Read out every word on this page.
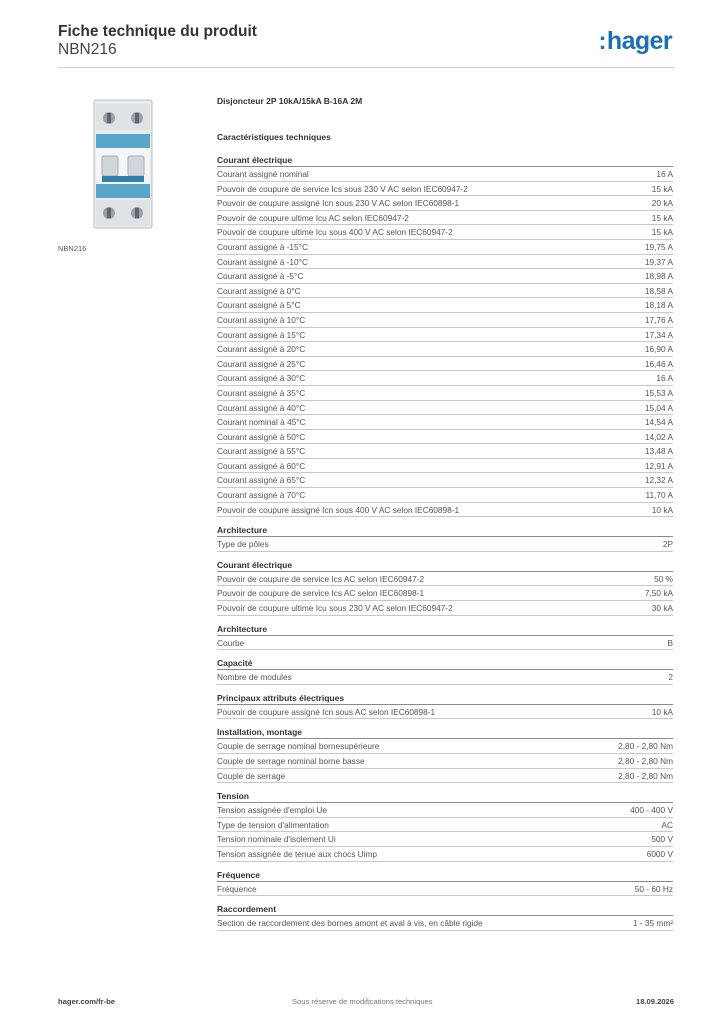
Fiche technique du produit
NBN216	:hager
NBN216
Disjoncteur 2P 10kA/15kA B-16A 2M
Caractéristiques techniques
Courant électrique
Courant assigné nominal	16 A
Pouvoir de coupure de service Ics sous 230 V AC selon IEC60947-2	15 kA
Pouvoir de coupure assigné Icn sous 230 V AC selon IEC60898-1	20 kA
Pouvoir de coupure ultime Icu AC selon IEC60947-2	15 kA
Pouvoir de coupure ultime Icu sous 400 V AC selon IEC60947-2	15 kA
Courant assigné à -15°C	19,75 A
Courant assigné à -10°C	19,37 A
Courant assigné à -5°C	18,98 A
Courant assigné à 0°C	18,58 A
Courant assigné à 5°C	18,18 A
Courant assigné à 10°C	17,76 A
Courant assigné à 15°C	17,34 A
Courant assigné à 20°C	16,90 A
Courant assigné à 25°C	16,46 A
Courant assigné à 30°C	16 A
Courant assigné à 35°C	15,53 A
Courant assigné à 40°C	15,04 A
Courant nominal à 45°C	14,54 A
Courant assigné à 50°C	14,02 A
Courant assigné à 55°C	13,48 A
Courant assigné à 60°C	12,91 A
Courant assigné à 65°C	12,32 A
Courant assigné à 70°C	11,70 A
Pouvoir de coupure assigné Icn sous 400 V AC selon IEC60898-1	10 kA
Architecture
Type de pôles	2P
Courant électrique
Pouvoir de coupure de service Ics AC selon IEC60947-2	50 %
Pouvoir de coupure de service Ics AC selon IEC60898-1	7,50 kA
Pouvoir de coupure ultime Icu sous 230 V AC selon IEC60947-2	30 kA
Architecture
Courbe	B
Capacité
Nombre de modules	2
Principaux attributs électriques
Pouvoir de coupure assigné Icn sous AC selon IEC60898-1	10 kA
Installation, montage
Couple de serrage nominal bornesupérieure	2,80 - 2,80 Nm
Couple de serrage nominal borne basse	2,80 - 2,80 Nm
Couple de serrage	2,80 - 2,80 Nm
Tension
Tension assignée d'emploi Ue	400 - 400 V
Type de tension d'alimentation	AC
Tension nominale d'isolement Ui	500 V
Tension assignée de tenue aux chocs Uimp	6000 V
Fréquence
Fréquence	50 - 60 Hz
Raccordement
Section de raccordement des bornes amont et aval à vis, en câble rigide	1 - 35 mm²
hager.com/fr-be	Sous réserve de modifications techniques	18.09.2026
